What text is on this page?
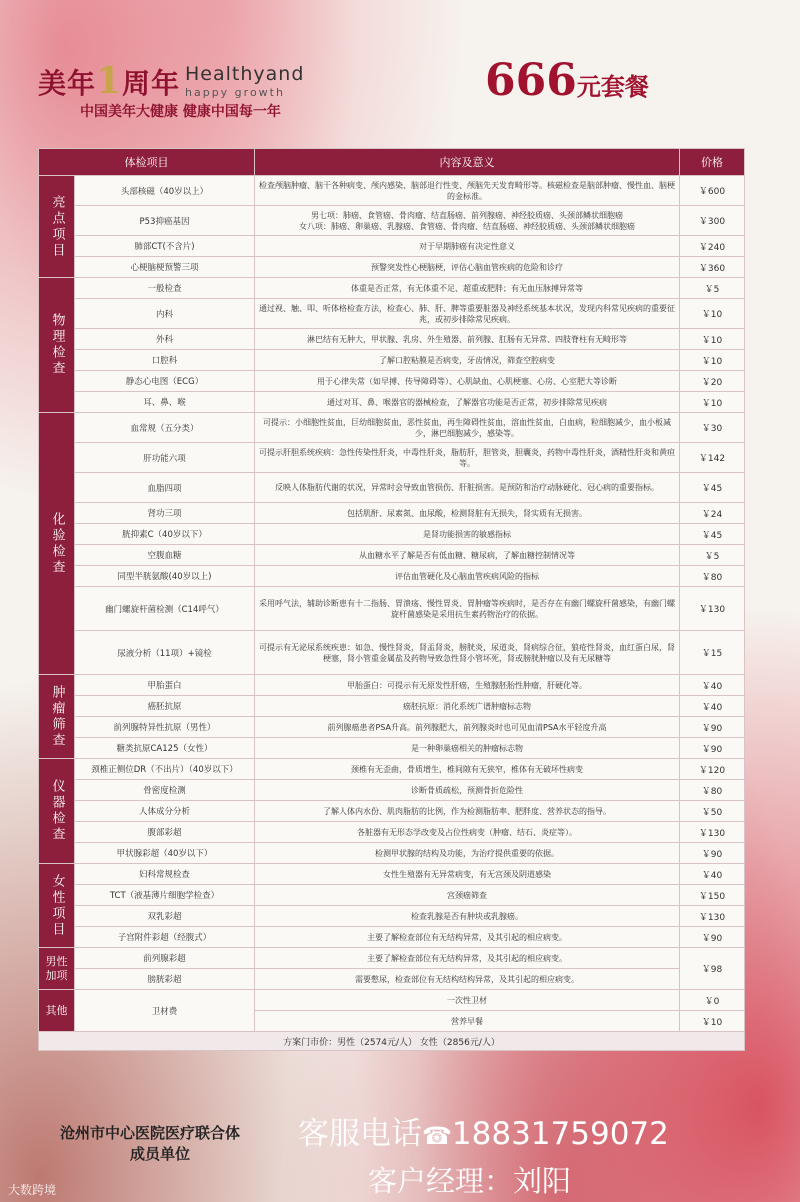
美年1周年 Healthyand
happy growth
中国美年大健康 健康中国每一年
666元套餐
体检项目		内容及意义	价格
亮点项目	头部核磁（40岁以上）	检查颅脑肿瘤、脑干各种病变、颅内感染、脑部退行性变、颅脑先天发育畸形等。核磁检查是脑部肿瘤、慢性血、脑梗的金标准。	￥600
	P53抑癌基因	男七项：肺癌、食管癌、骨肉瘤、结直肠癌、前列腺癌、神经胶质癌、头颈部鳞状细胞癌
女八项：肺癌、卵巢癌、乳腺癌、食管癌、骨肉瘤、结直肠癌、神经胶质癌、头颈部鳞状细胞癌	￥300
	肺部CT(不含片)	对于早期肺癌有决定性意义	￥240
	心梗脑梗预警三项	预警突发性心梗脑梗，评估心脑血管疾病的危险和诊疗	￥360
物理检查	一般检查	体重是否正常，有无体重不足、超重或肥胖；有无血压脉搏异常等	￥5
	内科	通过视、触、叩、听体格检查方法，检查心、肺、肝、脾等重要脏器及神经系统基本状况，发现内科常见疾病的重要征兆，或初步排除常见疾病。	￥10
	外科	淋巴结有无肿大，甲状腺、乳房、外生殖器、前列腺、肛肠有无异常、四肢脊柱有无畸形等	￥10
	口腔科	了解口腔粘膜是否病变，牙齿情况，筛查空腔病变	￥10
	静态心电图（ECG）	用于心律失常（如早搏、传导障碍等）、心肌缺血、心肌梗塞、心房、心室肥大等诊断	￥20
	耳、鼻、喉	通过对耳、鼻、喉器官的器械检查，了解器官功能是否正常，初步排除常见疾病	￥10
化验检查	血常规（五分类）	可提示：小细胞性贫血，巨幼细胞贫血，恶性贫血，再生障碍性贫血，溶血性贫血，白血病，粒细胞减少，血小板减少，淋巴细胞减少，感染等。	￥30
	肝功能六项	可提示肝胆系统疾病：急性传染性肝炎，中毒性肝炎，脂肪肝，胆管炎，胆囊炎，药物中毒性肝炎，酒精性肝炎和黄疸等。	￥142
	血脂四项	反映人体脂肪代谢的状况，异常时会导致血管损伤、肝脏损害。是预防和治疗动脉硬化、冠心病的重要指标。	￥45
	肾功三项	包括肌酐、尿素氮、血尿酸，检测肾脏有无损失，肾实质有无损害。	￥24
	胱抑素C（40岁以下）	是肾功能损害的敏感指标	￥45
	空腹血糖	从血糖水平了解是否有低血糖、糖尿病，了解血糖控制情况等	￥5
	同型半胱氨酸(40岁以上)	评估血管硬化及心脑血管疾病风险的指标	￥80
	幽门螺旋杆菌检测（C14呼气）	采用呼气法，辅助诊断患有十二指肠、胃溃疡、慢性胃炎、胃肿瘤等疾病时，是否存在有幽门螺旋杆菌感染，有幽门螺旋杆菌感染是采用抗生素药物治疗的依据。	￥130
	尿液分析（11项）+镜检	可提示有无泌尿系统疾患：如急、慢性肾炎，肾盂肾炎，膀胱炎，尿道炎，肾病综合征，狼疮性肾炎，血红蛋白尿，肾梗塞，肾小管重金属盐及药物导致急性肾小管坏死，肾或膀胱肿瘤以及有无尿糖等	￥15
肿瘤筛查	甲胎蛋白	甲胎蛋白：可提示有无原发性肝癌，生殖腺胚胎性肿瘤，肝硬化等。	￥40
	癌胚抗原	癌胚抗原：消化系统广谱肿瘤标志物	￥40
	前列腺特异性抗原（男性）	前列腺癌患者PSA升高。前列腺肥大，前列腺炎时也可见血清PSA水平轻度升高	￥90
	糖类抗原CA125（女性）	是一种卵巢癌相关的肿瘤标志物	￥90
仪器检查	颈椎正侧位DR（不出片）（40岁以下）	颈椎有无歪曲，骨质增生，椎间隙有无狭窄，椎体有无破坏性病变	￥120
	骨密度检测	诊断骨质疏松，预测骨折危险性	￥80
	人体成分分析	了解人体内水份、肌肉脂肪的比例，作为检测脂肪率、肥胖度、营养状态的指导。	￥50
	腹部彩超	各脏器有无形态学改变及占位性病变（肿瘤、结石、炎症等）。	￥130
	甲状腺彩超（40岁以下）	检测甲状腺的结构及功能，为治疗提供重要的依据。	￥90
女性项目	妇科常规检查	女性生殖器有无异常病变，有无宫颈及阴道感染	￥40
	TCT（液基薄片细胞学检查）	宫颈癌筛查	￥150
	双乳彩超	检查乳腺是否有肿块或乳腺癌。	￥130
	子宫附件彩超（经腹式）	主要了解检查部位有无结构异常，及其引起的相应病变。	￥90
男性加项	前列腺彩超	主要了解检查部位有无结构异常，及其引起的相应病变。	￥98
	膀胱彩超	需要憋尿，检查部位有无结构结构异常，及其引起的相应病变。	
其他	卫材费	一次性卫材	￥0
		营养早餐	￥10
方案门市价：男性（2574元/人） 女性（2856元/人）			
沧州市中心医院医疗联合体
成员单位
客服电话☎18831759072
客户经理：刘阳
大数跨境
